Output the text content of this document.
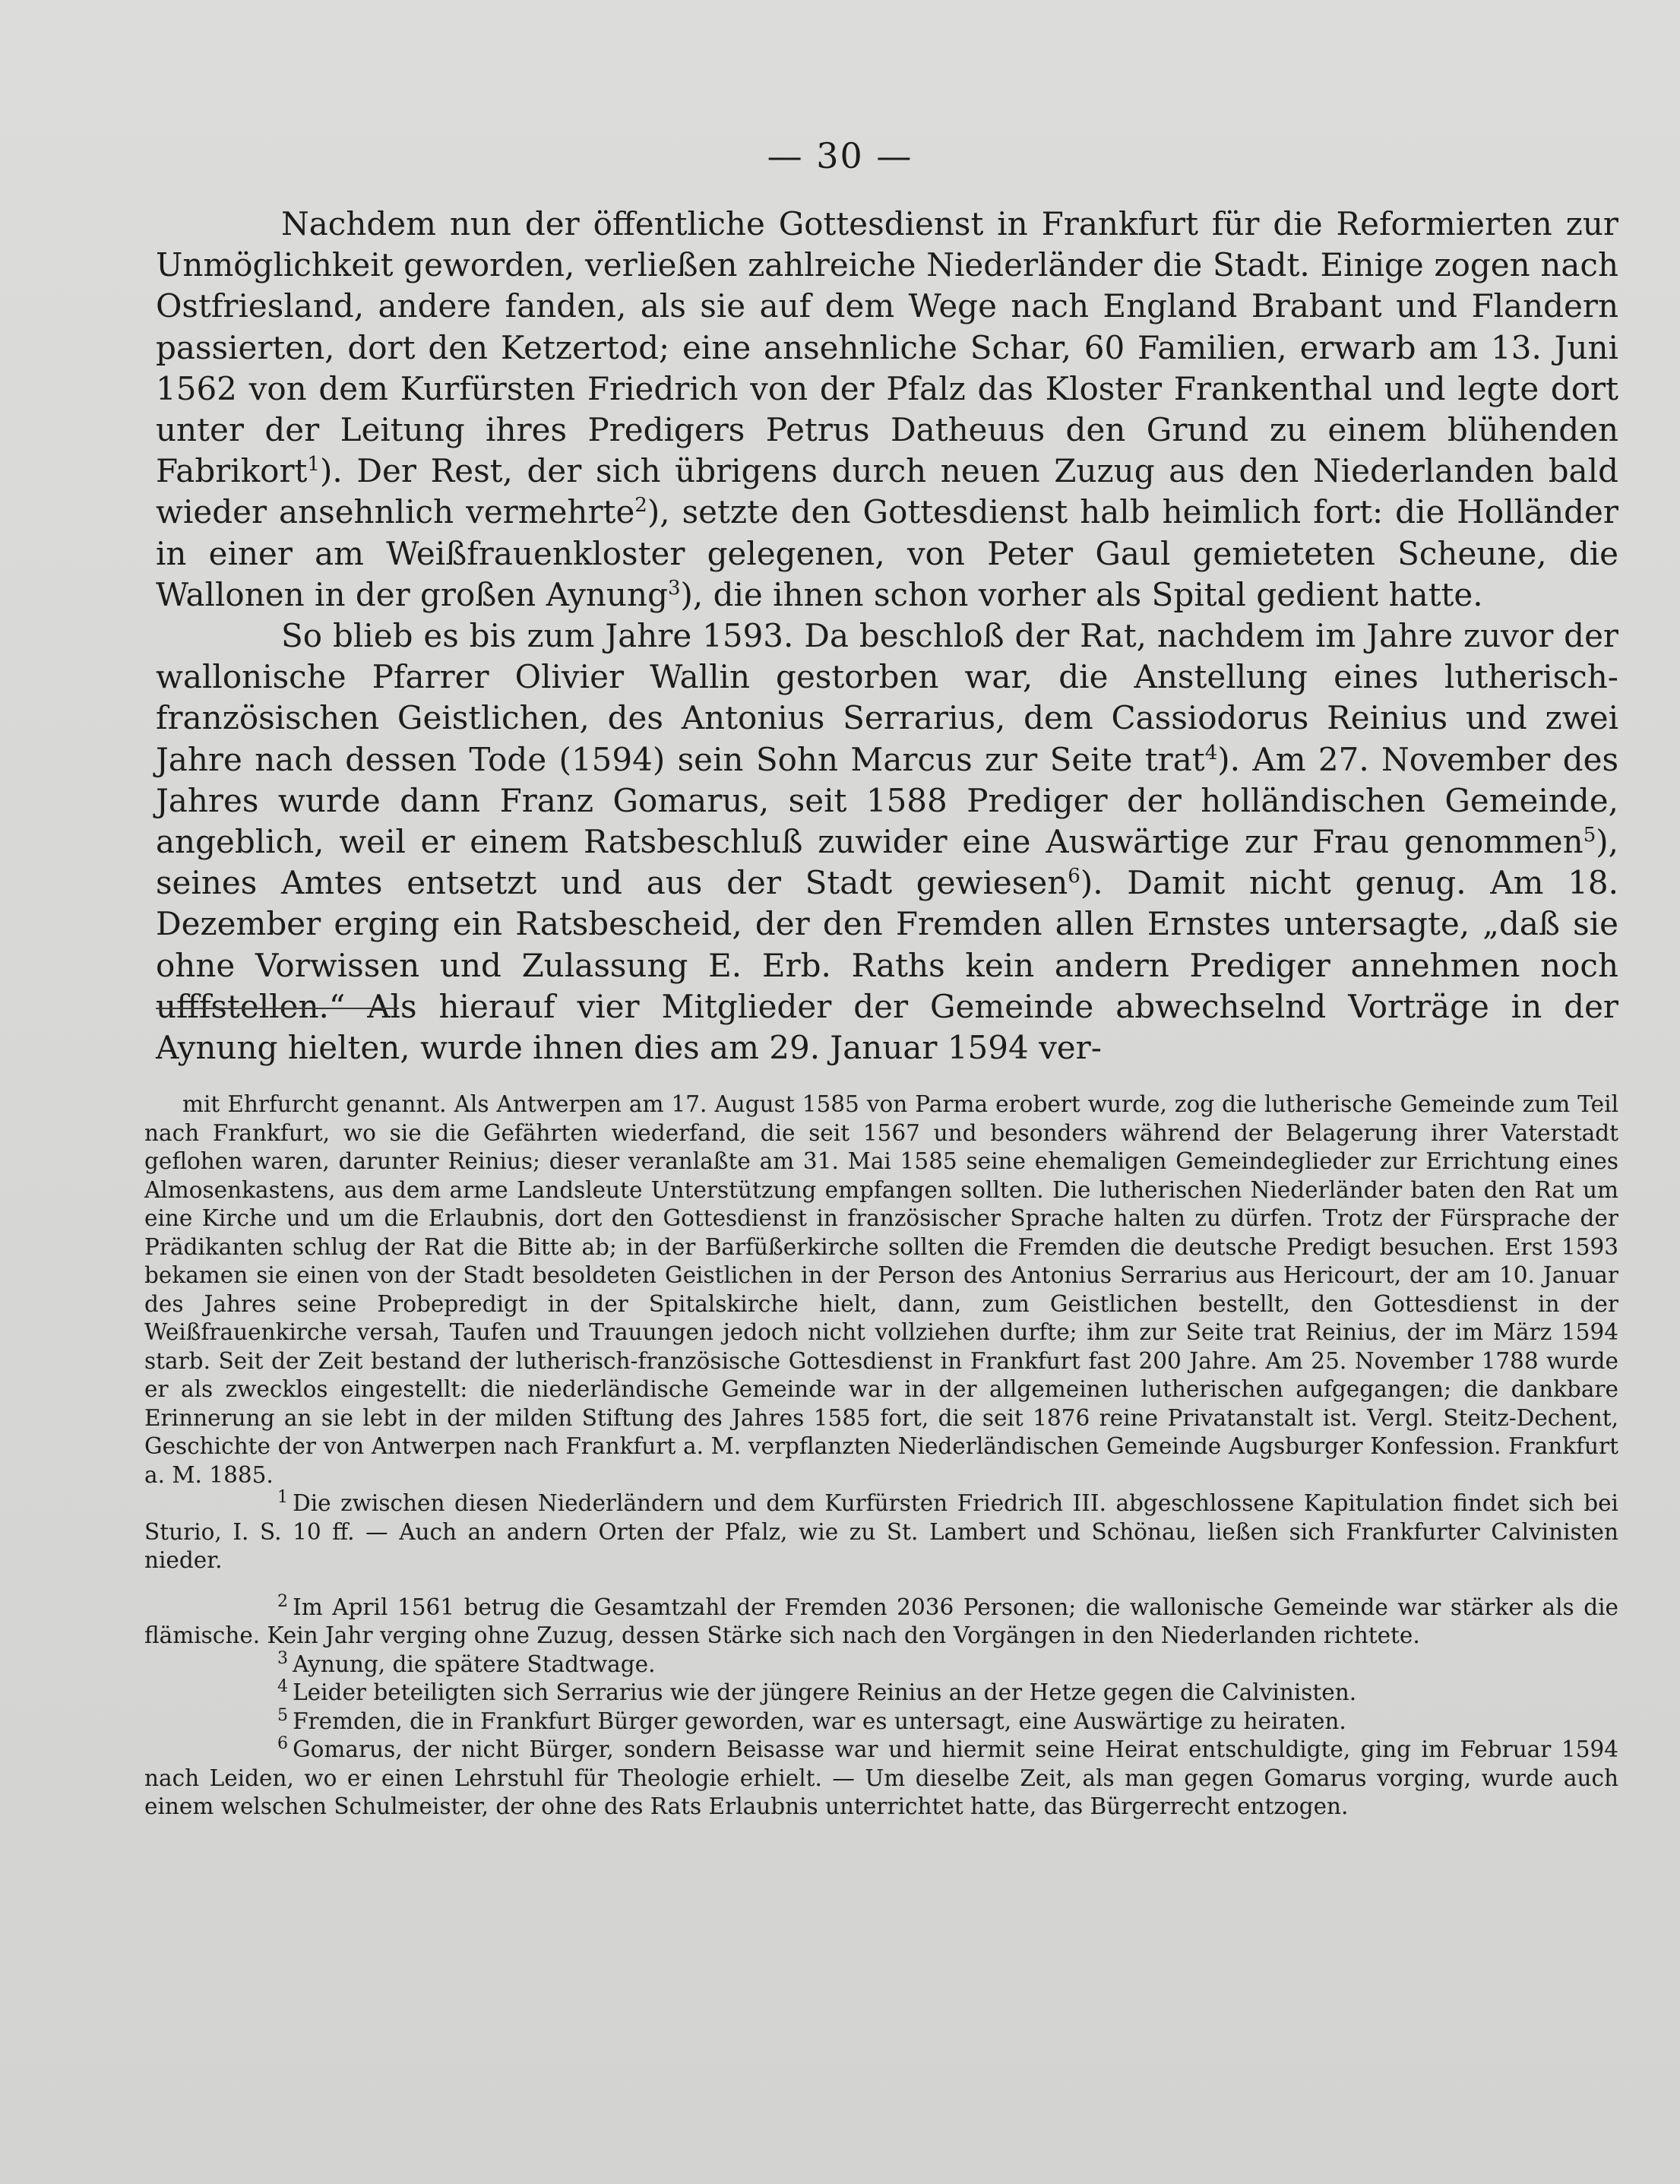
— 30 —

Nachdem nun der öffentliche Gottesdienst in Frankfurt für die Reformierten zur Unmöglichkeit geworden, verließen zahlreiche Niederländer die Stadt. Einige zogen nach Ostfriesland, andere fanden, als sie auf dem Wege nach England Brabant und Flandern passierten, dort den Ketzertod; eine ansehnliche Schar, 60 Familien, erwarb am 13. Juni 1562 von dem Kurfürsten Friedrich von der Pfalz das Kloster Frankenthal und legte dort unter der Leitung ihres Predigers Petrus Datheuus den Grund zu einem blühenden Fabrikort$^1$). Der Rest, der sich übrigens durch neuen Zuzug aus den Niederlanden bald wieder ansehnlich vermehrte$^2$), setzte den Gottesdienst halb heimlich fort: die Holländer in einer am Weißfrauenkloster gelegenen, von Peter Gaul gemieteten Scheune, die Wallonen in der großen Aynung$^3$), die ihnen schon vorher als Spital gedient hatte.

So blieb es bis zum Jahre 1593. Da beschloß der Rat, nachdem im Jahre zuvor der wallonische Pfarrer Olivier Wallin gestorben war, die Anstellung eines lutherisch-französischen Geistlichen, des Antonius Serrarius, dem Cassiodorus Reinius und zwei Jahre nach dessen Tode (1594) sein Sohn Marcus zur Seite trat$^4$). Am 27. November des Jahres wurde dann Franz Gomarus, seit 1588 Prediger der holländischen Gemeinde, angeblich, weil er einem Ratsbeschluß zuwider eine Auswärtige zur Frau genommen$^5$), seines Amtes entsetzt und aus der Stadt gewiesen$^6$). Damit nicht genug. Am 18. Dezember erging ein Ratsbescheid, der den Fremden allen Ernstes untersagte, „daß sie ohne Vorwissen und Zulassung E. Erb. Raths kein andern Prediger annehmen noch ufffstellen.“ Als hierauf vier Mitglieder der Gemeinde abwechselnd Vorträge in der Aynung hielten, wurde ihnen dies am 29. Januar 1594 ver-

mit Ehrfurcht genannt. Als Antwerpen am 17. August 1585 von Parma erobert wurde, zog die lutherische Gemeinde zum Teil nach Frankfurt, wo sie die Gefährten wiederfand, die seit 1567 und besonders während der Belagerung ihrer Vaterstadt geflohen waren, darunter Reinius; dieser veranlaßte am 31. Mai 1585 seine ehemaligen Gemeindeglieder zur Errichtung eines Almosenkastens, aus dem arme Landsleute Unterstützung empfangen sollten. Die lutherischen Niederländer baten den Rat um eine Kirche und um die Erlaubnis, dort den Gottesdienst in französischer Sprache halten zu dürfen. Trotz der Fürsprache der Prädikanten schlug der Rat die Bitte ab; in der Barfüßerkirche sollten die Fremden die deutsche Predigt besuchen. Erst 1593 bekamen sie einen von der Stadt besoldeten Geistlichen in der Person des Antonius Serrarius aus Hericourt, der am 10. Januar des Jahres seine Probepredigt in der Spitalskirche hielt, dann, zum Geistlichen bestellt, den Gottesdienst in der Weißfrauenkirche versah, Taufen und Trauungen jedoch nicht vollziehen durfte; ihm zur Seite trat Reinius, der im März 1594 starb. Seit der Zeit bestand der lutherisch-französische Gottesdienst in Frankfurt fast 200 Jahre. Am 25. November 1788 wurde er als zwecklos eingestellt: die niederländische Gemeinde war in der allgemeinen lutherischen aufgegangen; die dankbare Erinnerung an sie lebt in der milden Stiftung des Jahres 1585 fort, die seit 1876 reine Privatanstalt ist. Vergl. Steitz-Dechent, Geschichte der von Antwerpen nach Frankfurt a. M. verpflanzten Niederländischen Gemeinde Augsburger Konfession. Frankfurt a. M. 1885.

$^1$ Die zwischen diesen Niederländern und dem Kurfürsten Friedrich III. abgeschlossene Kapitulation findet sich bei Sturio, I. S. 10 ff. — Auch an andern Orten der Pfalz, wie zu St. Lambert und Schönau, ließen sich Frankfurter Calvinisten nieder.

$^2$ Im April 1561 betrug die Gesamtzahl der Fremden 2036 Personen; die wallonische Gemeinde war stärker als die flämische. Kein Jahr verging ohne Zuzug, dessen Stärke sich nach den Vorgängen in den Niederlanden richtete.

$^3$ Aynung, die spätere Stadtwage.

$^4$ Leider beteiligten sich Serrarius wie der jüngere Reinius an der Hetze gegen die Calvinisten.

$^5$ Fremden, die in Frankfurt Bürger geworden, war es untersagt, eine Auswärtige zu heiraten.

$^6$ Gomarus, der nicht Bürger, sondern Beisasse war und hiermit seine Heirat entschuldigte, ging im Februar 1594 nach Leiden, wo er einen Lehrstuhl für Theologie erhielt. — Um dieselbe Zeit, als man gegen Gomarus vorging, wurde auch einem welschen Schulmeister, der ohne des Rats Erlaubnis unterrichtet hatte, das Bürgerrecht entzogen.
